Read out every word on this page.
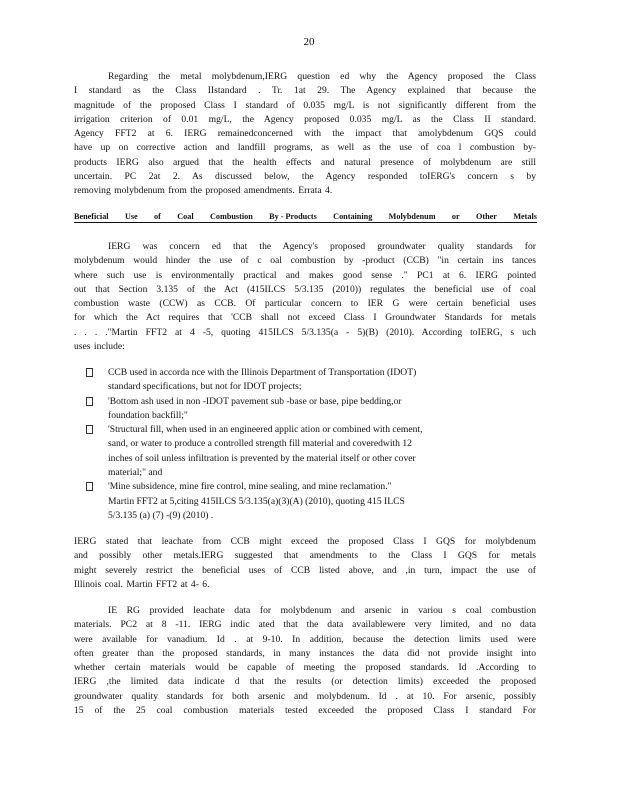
20
Regarding the metal molybdenum,IERG question ed why the Agency proposed the Class
I standard as the Class IIstandard . Tr. 1at 29. The Agency explained that because the
magnitude of the proposed Class I standard of 0.035 mg/L is not significantly different from the
irrigation criterion of 0.01 mg/L, the Agency proposed 0.035 mg/L as the Class II standard.
Agency FFT2 at 6. IERG remainedconcerned with the impact that amolybdenum GQS could
have up on corrective action and landfill programs, as well as the use of coa l combustion by-
products IERG also argued that the health effects and natural presence of molybdenum are still
uncertain. PC 2at 2. As discussed below, the Agency responded toIERG's concern s by
removing molybdenum from the proposed amendments. Errata 4.
Beneficial Use of Coal Combustion By - Products Containing Molybdenum or Other Metals
IERG was concern ed that the Agency's proposed groundwater quality standards for
molybdenum would hinder the use of c oal combustion by -product (CCB) "in certain ins tances
where such use is environmentally practical and makes good sense ." PC1 at 6. IERG pointed
out that Section 3.135 of the Act (415ILCS 5/3.135 (2010)) regulates the beneficial use of coal
combustion waste (CCW) as CCB. Of particular concern to IER G were certain beneficial uses
for which the Act requires that 'CCB shall not exceed Class I Groundwater Standards for metals
. . . ."Martin FFT2 at 4 -5, quoting 415ILCS 5/3.135(a - 5)(B) (2010). According toIERG, s uch
uses include:
CCB used in accorda nce with the Illinois Department of Transportation (IDOT)
standard specifications, but not for IDOT projects;
'Bottom ash used in non -IDOT pavement sub -base or base, pipe bedding,or
foundation backfill;"
'Structural fill, when used in an engineered applic ation or combined with cement,
sand, or water to produce a controlled strength fill material and coveredwith 12
inches of soil unless infiltration is prevented by the material itself or other cover
material;" and
'Mine subsidence, mine fire control, mine sealing, and mine reclamation."
Martin FFT2 at 5,citing 415ILCS 5/3.135(a)(3)(A) (2010), quoting 415 ILCS
5/3.135 (a) (7) -(9) (2010) .
IERG stated that leachate from CCB might exceed the proposed Class I GQS for molybdenum
and possibly other metals.IERG suggested that amendments to the Class I GQS for metals
might severely restrict the beneficial uses of CCB listed above, and ,in turn, impact the use of
Illinois coal. Martin FFT2 at 4- 6.
IE RG provided leachate data for molybdenum and arsenic in variou s coal combustion
materials. PC2 at 8 -11. IERG indic ated that the data availablewere very limited, and no data
were available for vanadium. Id . at 9-10. In addition, because the detection limits used were
often greater than the proposed standards, in many instances the data did not provide insight into
whether certain materials would be capable of meeting the proposed standards. Id .According to
IERG ,the limited data indicate d that the results (or detection limits) exceeded the proposed
groundwater quality standards for both arsenic and molybdenum. Id . at 10. For arsenic, possibly
15 of the 25 coal combustion materials tested exceeded the proposed Class I standard For
